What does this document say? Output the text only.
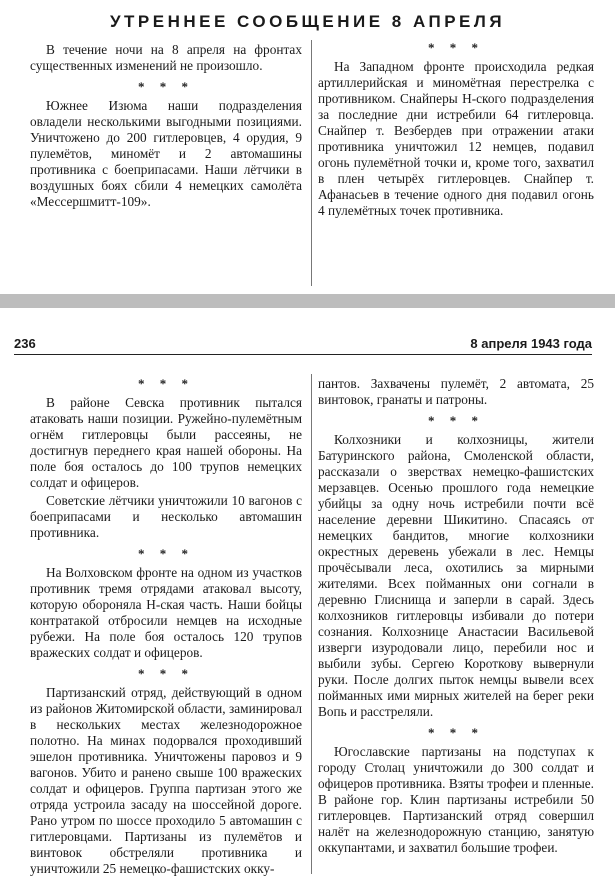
УТРЕННЕЕ СООБЩЕНИЕ 8 АПРЕЛЯ

В течение ночи на 8 апреля на фронтах существенных изменений не произошло.

* * *

Южнее Изюма наши подразделения овладели несколькими выгодными позициями. Уничтожено до 200 гитлеровцев, 4 орудия, 9 пулемётов, миномёт и 2 автомашины противника с боеприпасами. Наши лётчики в воздушных боях сбили 4 немецких самолёта «Мессершмитт-109».

* * *

На Западном фронте происходила редкая артиллерийская и миномётная перестрелка с противником. Снайперы Н-ского подразделения за последние дни истребили 64 гитлеровца. Снайпер т. Везбердев при отражении атаки противника уничтожил 12 немцев, подавил огонь пулемётной точки и, кроме того, захватил в плен четырёх гитлеровцев. Снайпер т. Афанасьев в течение одного дня подавил огонь 4 пулемётных точек противника.

236	8 апреля 1943 года
* * *

В районе Севска противник пытался атаковать наши позиции. Ружейно-пулемётным огнём гитлеровцы были рассеяны, не достигнув переднего края нашей обороны. На поле боя осталось до 100 трупов немецких солдат и офицеров.

Советские лётчики уничтожили 10 вагонов с боеприпасами и несколько автомашин противника.

* * *

На Волховском фронте на одном из участков противник тремя отрядами атаковал высоту, которую обороняла Н-ская часть. Наши бойцы контратакой отбросили немцев на исходные рубежи. На поле боя осталось 120 трупов вражеских солдат и офицеров.

* * *

Партизанский отряд, действующий в одном из районов Житомирской области, заминировал в нескольких местах железнодорожное полотно. На минах подорвался проходивший эшелон противника. Уничтожены паровоз и 9 вагонов. Убито и ранено свыше 100 вражеских солдат и офицеров. Группа партизан этого же отряда устроила засаду на шоссейной дороге. Рано утром по шоссе проходило 5 автомашин с гитлеровцами. Партизаны из пулемётов и винтовок обстреляли противника и уничтожили 25 немецко-фашистских окку-

пантов. Захвачены пулемёт, 2 автомата, 25 винтовок, гранаты и патроны.

* * *

Колхозники и колхозницы, жители Батуринского района, Смоленской области, рассказали о зверствах немецко-фашистских мерзавцев. Осенью прошлого года немецкие убийцы за одну ночь истребили почти всё население деревни Шикитино. Спасаясь от немецких бандитов, многие колхозники окрестных деревень убежали в лес. Немцы прочёсывали леса, охотились за мирными жителями. Всех пойманных они согнали в деревню Глиснища и заперли в сарай. Здесь колхозников гитлеровцы избивали до потери сознания. Колхознице Анастасии Васильевой изверги изуродовали лицо, перебили нос и выбили зубы. Сергею Короткову вывернули руки. После долгих пыток немцы вывели всех пойманных ими мирных жителей на берег реки Вопь и расстреляли.

* * *

Югославские партизаны на подступах к городу Столац уничтожили до 300 солдат и офицеров противника. Взяты трофеи и пленные. В районе гор. Клин партизаны истребили 50 гитлеровцев. Партизанский отряд совершил налёт на железнодорожную станцию, занятую оккупантами, и захватил большие трофеи.
